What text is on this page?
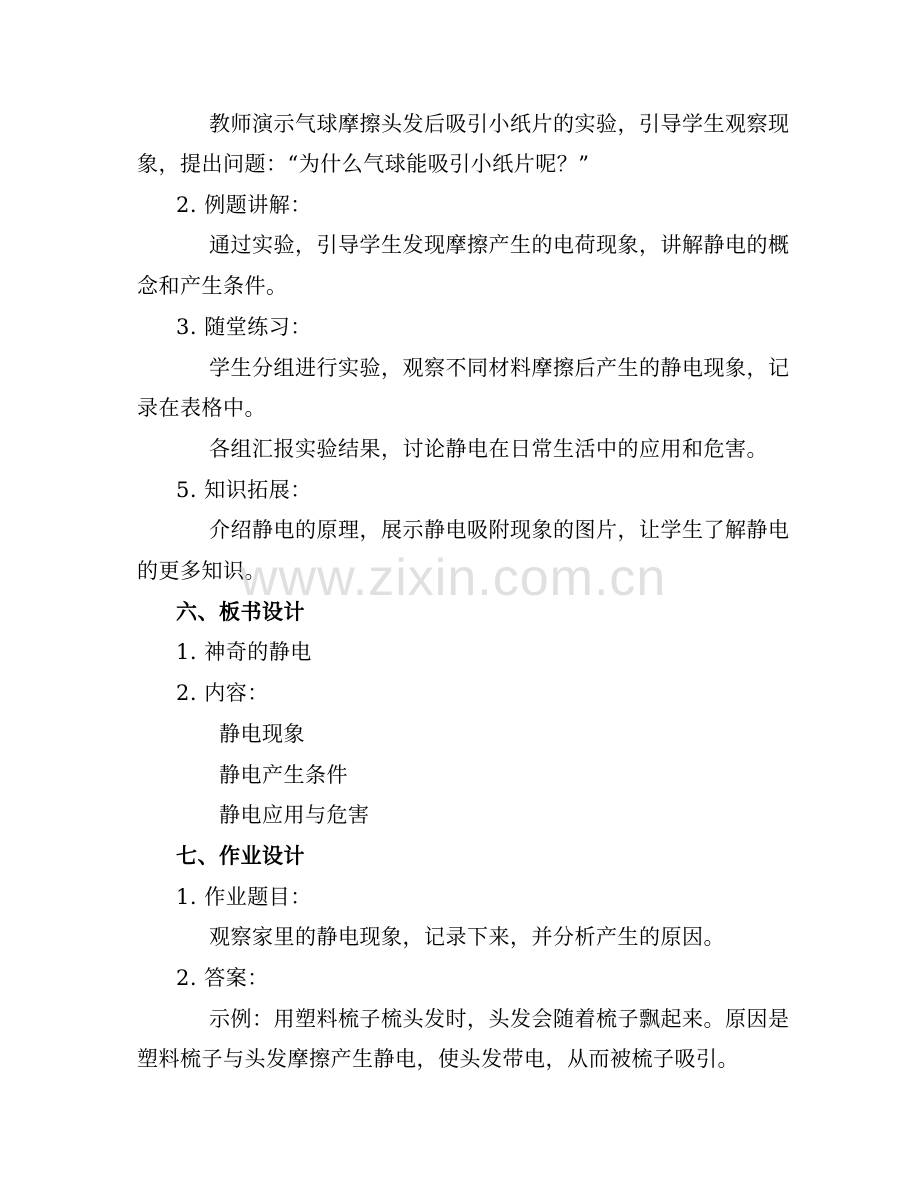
教师演示气球摩擦头发后吸引小纸片的实验，引导学生观察现
象，提出问题：“为什么气球能吸引小纸片呢？”
2. 例题讲解：
通过实验，引导学生发现摩擦产生的电荷现象，讲解静电的概
念和产生条件。
3. 随堂练习：
学生分组进行实验，观察不同材料摩擦后产生的静电现象，记
录在表格中。
各组汇报实验结果，讨论静电在日常生活中的应用和危害。
5. 知识拓展：
介绍静电的原理，展示静电吸附现象的图片，让学生了解静电
的更多知识。
六、板书设计
1. 神奇的静电
2. 内容：
静电现象
静电产生条件
静电应用与危害
七、作业设计
1. 作业题目：
观察家里的静电现象，记录下来，并分析产生的原因。
2. 答案：
示例：用塑料梳子梳头发时，头发会随着梳子飘起来。原因是
塑料梳子与头发摩擦产生静电，使头发带电，从而被梳子吸引。
www.zixin.com.cn
